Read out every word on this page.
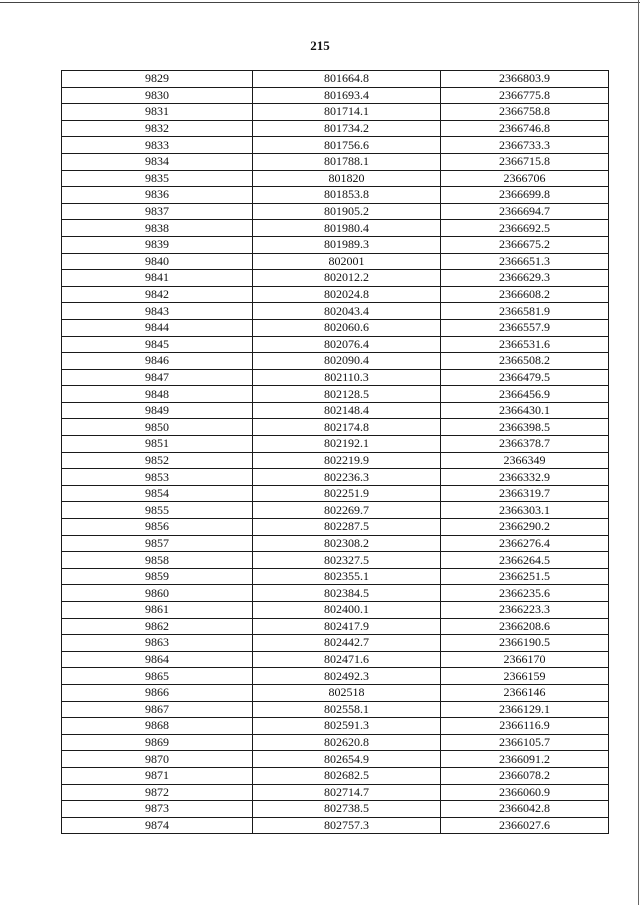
215
9829	801664.8	2366803.9
9830	801693.4	2366775.8
9831	801714.1	2366758.8
9832	801734.2	2366746.8
9833	801756.6	2366733.3
9834	801788.1	2366715.8
9835	801820	2366706
9836	801853.8	2366699.8
9837	801905.2	2366694.7
9838	801980.4	2366692.5
9839	801989.3	2366675.2
9840	802001	2366651.3
9841	802012.2	2366629.3
9842	802024.8	2366608.2
9843	802043.4	2366581.9
9844	802060.6	2366557.9
9845	802076.4	2366531.6
9846	802090.4	2366508.2
9847	802110.3	2366479.5
9848	802128.5	2366456.9
9849	802148.4	2366430.1
9850	802174.8	2366398.5
9851	802192.1	2366378.7
9852	802219.9	2366349
9853	802236.3	2366332.9
9854	802251.9	2366319.7
9855	802269.7	2366303.1
9856	802287.5	2366290.2
9857	802308.2	2366276.4
9858	802327.5	2366264.5
9859	802355.1	2366251.5
9860	802384.5	2366235.6
9861	802400.1	2366223.3
9862	802417.9	2366208.6
9863	802442.7	2366190.5
9864	802471.6	2366170
9865	802492.3	2366159
9866	802518	2366146
9867	802558.1	2366129.1
9868	802591.3	2366116.9
9869	802620.8	2366105.7
9870	802654.9	2366091.2
9871	802682.5	2366078.2
9872	802714.7	2366060.9
9873	802738.5	2366042.8
9874	802757.3	2366027.6
